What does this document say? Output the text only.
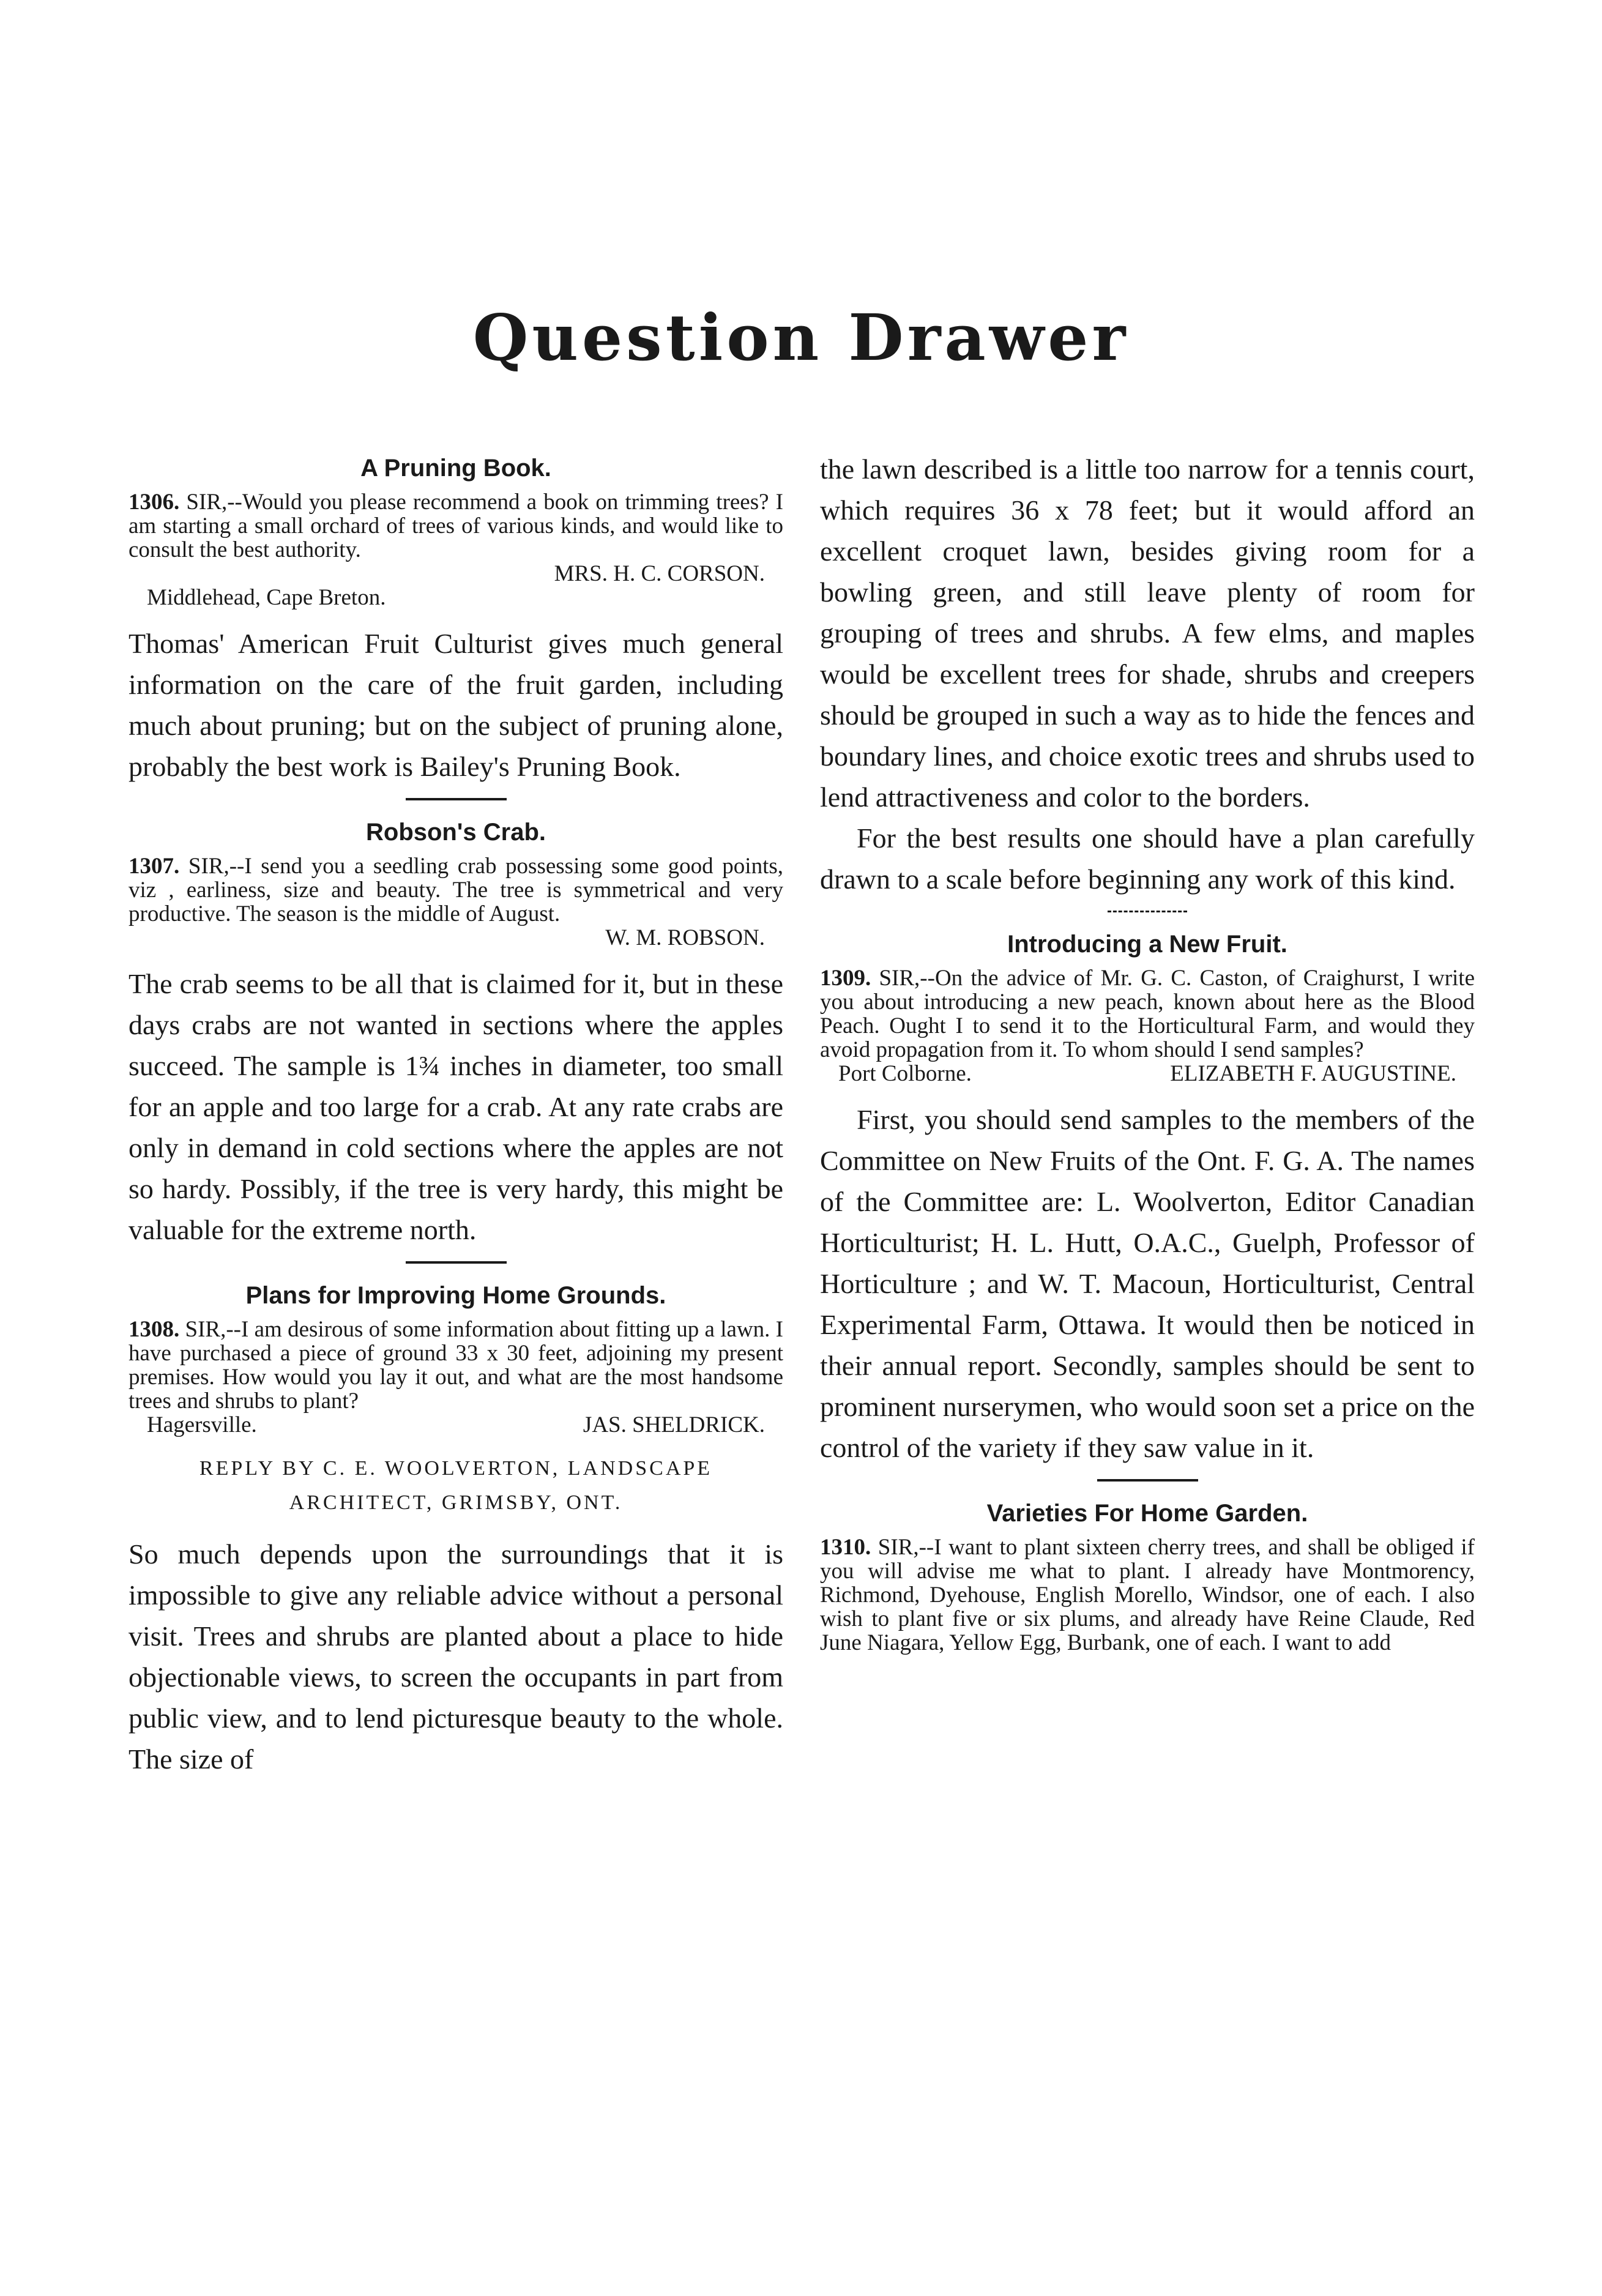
Question Drawer
A Pruning Book.

1306. SIR,--Would you please recommend a book on trimming trees? I am starting a small orchard of trees of various kinds, and would like to consult the best authority.

MRS. H. C. CORSON.

Middlehead, Cape Breton.

Thomas' American Fruit Culturist gives much general information on the care of the fruit garden, including much about pruning; but on the subject of pruning alone, probably the best work is Bailey's Pruning Book.

Robson's Crab.

1307. SIR,--I send you a seedling crab possessing some good points, viz , earliness, size and beauty. The tree is symmetrical and very productive. The season is the middle of August.

W. M. ROBSON.

The crab seems to be all that is claimed for it, but in these days crabs are not wanted in sections where the apples succeed. The sample is 1¾ inches in diameter, too small for an apple and too large for a crab. At any rate crabs are only in demand in cold sections where the apples are not so hardy. Possibly, if the tree is very hardy, this might be valuable for the extreme north.

Plans for Improving Home Grounds.

1308. SIR,--I am desirous of some information about fitting up a lawn. I have purchased a piece of ground 33 x 30 feet, adjoining my present premises. How would you lay it out, and what are the most handsome trees and shrubs to plant?

Hagersville.	JAS. SHELDRICK.

REPLY BY C. E. WOOLVERTON, LANDSCAPE ARCHITECT, GRIMSBY, ONT.

So much depends upon the surroundings that it is impossible to give any reliable advice without a personal visit. Trees and shrubs are planted about a place to hide objectionable views, to screen the occupants in part from public view, and to lend picturesque beauty to the whole. The size of

the lawn described is a little too narrow for a tennis court, which requires 36 x 78 feet; but it would afford an excellent croquet lawn, besides giving room for a bowling green, and still leave plenty of room for grouping of trees and shrubs. A few elms, and maples would be excellent trees for shade, shrubs and creepers should be grouped in such a way as to hide the fences and boundary lines, and choice exotic trees and shrubs used to lend attractiveness and color to the borders.

For the best results one should have a plan carefully drawn to a scale before beginning any work of this kind.

Introducing a New Fruit.

1309. SIR,--On the advice of Mr. G. C. Caston, of Craighurst, I write you about introducing a new peach, known about here as the Blood Peach. Ought I to send it to the Horticultural Farm, and would they avoid propagation from it. To whom should I send samples?

Port Colborne.	ELIZABETH F. AUGUSTINE.

First, you should send samples to the members of the Committee on New Fruits of the Ont. F. G. A. The names of the Committee are: L. Woolverton, Editor Canadian Horticulturist; H. L. Hutt, O.A.C., Guelph, Professor of Horticulture ; and W. T. Macoun, Horticulturist, Central Experimental Farm, Ottawa. It would then be noticed in their annual report. Secondly, samples should be sent to prominent nurserymen, who would soon set a price on the control of the variety if they saw value in it.

Varieties For Home Garden.

1310. SIR,--I want to plant sixteen cherry trees, and shall be obliged if you will advise me what to plant. I already have Montmorency, Richmond, Dyehouse, English Morello, Windsor, one of each. I also wish to plant five or six plums, and already have Reine Claude, Red June Niagara, Yellow Egg, Burbank, one of each. I want to add
